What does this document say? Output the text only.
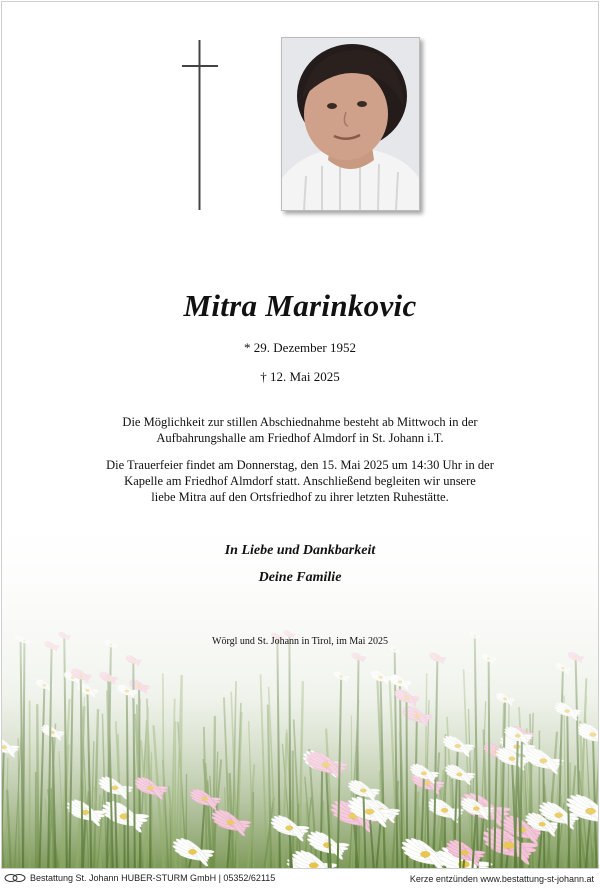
Mitra Marinkovic
* 29. Dezember 1952
† 12. Mai 2025
Die Möglichkeit zur stillen Abschiednahme besteht ab Mittwoch in der
Aufbahrungshalle am Friedhof Almdorf in St. Johann i.T.
Die Trauerfeier findet am Donnerstag, den 15. Mai 2025 um 14:30 Uhr in der
Kapelle am Friedhof Almdorf statt. Anschließend begleiten wir unsere
liebe Mitra auf den Ortsfriedhof zu ihrer letzten Ruhestätte.
In Liebe und Dankbarkeit
Deine Familie
Wörgl und St. Johann in Tirol, im Mai 2025
Bestattung St. Johann HUBER-STURM GmbH | 05352/62115	Kerze entzünden www.bestattung-st-johann.at
